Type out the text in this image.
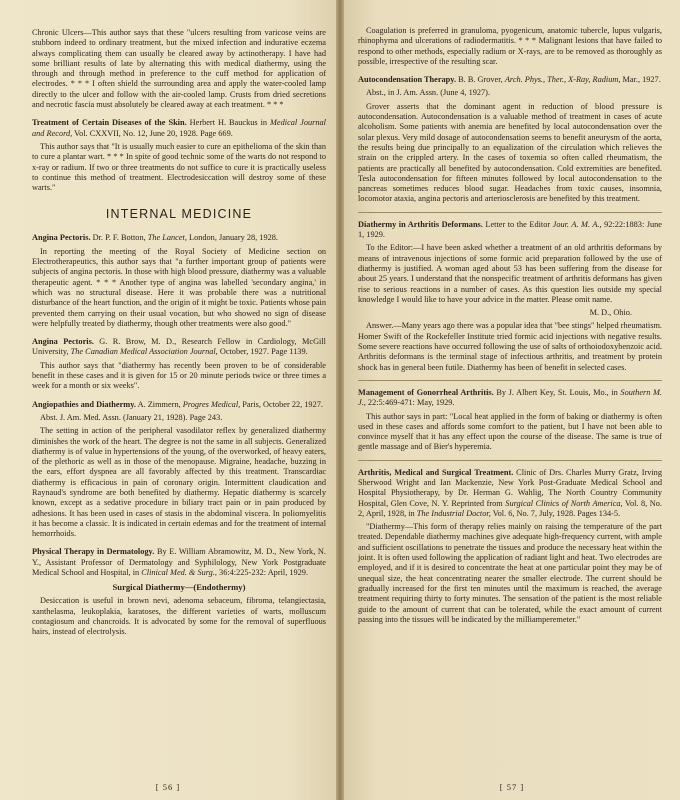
Chronic Ulcers—This author says that these "ulcers resulting from varicose veins are stubborn indeed to ordinary treatment, but the mixed infection and indurative eczema always complicating them can usually be cleared away by actinotherapy. I have had some brilliant results of late by alternating this with medical diathermy, using the through and through method in preference to the cuff method for application of electrodes. * * * I often shield the surrounding area and apply the water-cooled lamp directly to the ulcer and follow with the air-cooled lamp. Crusts from dried secretions and necrotic fascia must absolutely be cleared away at each treatment. * * *

Treatment of Certain Diseases of the Skin. Herbert H. Bauckus in Medical Journal and Record, Vol. CXXVII, No. 12, June 20, 1928. Page 669.

This author says that "It is usually much easier to cure an epithelioma of the skin than to cure a plantar wart. * * * In spite of good technic some of the warts do not respond to x-ray or radium. If two or three treatments do not suffice to cure it is practically useless to continue this method of treatment. Electrodesiccation will destroy some of these warts."

INTERNAL MEDICINE

Angina Pectoris. Dr. P. F. Botton, The Lancet, London, January 28, 1928.

In reporting the meeting of the Royal Society of Medicine section on Electrotherapeutics, this author says that "a further important group of patients were subjects of angina pectoris. In those with high blood pressure, diathermy was a valuable therapeutic agent. * * * Another type of angina was labelled 'secondary angina,' in which was no structural disease. Here it was probable there was a nutritional disturbance of the heart function, and the origin of it might be toxic. Patients whose pain prevented them carrying on their usual vocation, but who showed no sign of disease were helpfully treated by diathermy, though other treatments were also good."

Angina Pectoris. G. R. Brow, M. D., Research Fellow in Cardiology, McGill University, The Canadian Medical Association Journal, October, 1927. Page 1139.

This author says that "diathermy has recently been proven to be of considerable benefit in these cases and it is given for 15 or 20 minute periods twice or three times a week for a month or six weeks".

Angiopathies and Diathermy. A. Zimmern, Progres Medical, Paris, October 22, 1927.

Abst. J. Am. Med. Assn. (January 21, 1928). Page 243.

The setting in action of the peripheral vasodilator reflex by generalized diathermy diminishes the work of the heart. The degree is not the same in all subjects. Generalized diathermy is of value in hypertensions of the young, of the overworked, of heavy eaters, of the plethoric as well as in those of the menopause. Migraine, headache, buzzing in the ears, effort dyspnea are all favorably affected by this treatment. Transcardiac diathermy is efficacious in pain of coronary origin. Intermittent claudication and Raynaud's syndrome are both benefited by diathermy. Hepatic diathermy is scarcely known, except as a sedative procedure in biliary tract pain or in pain produced by adhesions. It has been used in cases of stasis in the abdominal viscera. In poliomyelitis it has become a classic. It is indicated in certain edemas and for the treatment of internal hemorrhoids.

Physical Therapy in Dermatology. By E. William Abramowitz, M. D., New York, N. Y., Assistant Professor of Dermatology and Syphilology, New York Postgraduate Medical School and Hospital, in Clinical Med. & Surg., 36:4:225-232: April, 1929.

Surgical Diathermy—(Endothermy)

Desiccation is useful in brown nevi, adenoma sebaceum, fibroma, telangiectasia, xanthelasma, leukoplakia, karatoses, the different varieties of warts, molluscum contagiosum and chancroids. It is advocated by some for the removal of superfluous hairs, instead of electrolysis.

[ 56 ]

Coagulation is preferred in granuloma, pyogenicum, anatomic tubercle, lupus vulgaris, rhinophyma and ulcerations of radiodermatitis. * * * Malignant lesions that have failed to respond to other methods, especially radium or X-rays, are to be removed as thoroughly as possible, irrespective of the resulting scar.

Autocondensation Therapy. B. B. Grover, Arch. Phys., Ther., X-Ray, Radium, Mar., 1927.

Abst., in J. Am. Assn. (June 4, 1927).

Grover asserts that the dominant agent in reduction of blood pressure is autocondensation. Autocondensation is a valuable method of treatment in cases of acute alcoholism. Some patients with anemia are benefited by local autocondensation over the solar plexus. Very mild dosage of autocondensation seems to benefit aneurysm of the aorta, the results being due principally to an equalization of the circulation which relieves the strain on the crippled artery. In the cases of toxemia so often called rheumatism, the patients are practically all benefited by autocondensation. Cold extremities are benefited. Tesla autocondensation for fifteen minutes followed by local autocondensation to the pancreas sometimes reduces blood sugar. Headaches from toxic causes, insomnia, locomotor ataxia, angina pectoris and arteriosclerosis are benefited by this treatment.

Diathermy in Arthritis Deformans. Letter to the Editor Jour. A. M. A., 92:22:1883: June 1, 1929.

To the Editor:—I have been asked whether a treatment of an old arthritis deformans by means of intravenous injections of some formic acid preparation followed by the use of diathermy is justified. A woman aged about 53 has been suffering from the disease for about 25 years. I understand that the nonspecific treatment of arthritis deformans has given rise to serious reactions in a number of cases. As this question lies outside my special knowledge I would like to have your advice in the matter. Please omit name.

M. D., Ohio.

Answer.—Many years ago there was a popular idea that "bee stings" helped rheumatism. Homer Swift of the Rockefeller Institute tried formic acid injections with negative results. Some severe reactions have occurred following the use of salts of orthoiodoxybenzoic acid. Arthritis deformans is the terminal stage of infectious arthritis, and treatment by protein shock has in general been futile. Diathermy has been of benefit in selected cases.

Management of Gonorrheal Arthritis. By J. Albert Key, St. Louis, Mo., in Southern M. J., 22:5:469-471: May, 1929.

This author says in part: "Local heat applied in the form of baking or diathermy is often used in these cases and affords some comfort to the patient, but I have not been able to convince myself that it has any effect upon the course of the disease. The same is true of gentle massage and of Bier's hyperemia.

Arthritis, Medical and Surgical Treatment. Clinic of Drs. Charles Murry Gratz, Irving Sherwood Wright and Ian Mackenzie, New York Post-Graduate Medical School and Hospital Physiotherapy, by Dr. Herman G. Wahlig, The North Country Community Hospital, Glen Cove, N. Y. Reprinted from Surgical Clinics of North America, Vol. 8, No. 2, April, 1928, in The Industrial Doctor, Vol. 6, No. 7, July, 1928. Pages 134-5.

"Diathermy—This form of therapy relies mainly on raising the temperature of the part treated. Dependable diathermy machines give adequate high-frequency current, with ample and sufficient oscillations to penetrate the tissues and produce the necessary heat within the joint. It is often used following the application of radiant light and heat. Two electrodes are employed, and if it is desired to concentrate the heat at one particular point they may be of unequal size, the heat concentrating nearer the smaller electrode. The current should be gradually increased for the first ten minutes until the maximum is reached, the average treatment requiring thirty to forty minutes. The sensation of the patient is the most reliable guide to the amount of current that can be tolerated, while the exact amount of current passing into the tissues will be indicated by the milliamperemeter."

[ 57 ]
